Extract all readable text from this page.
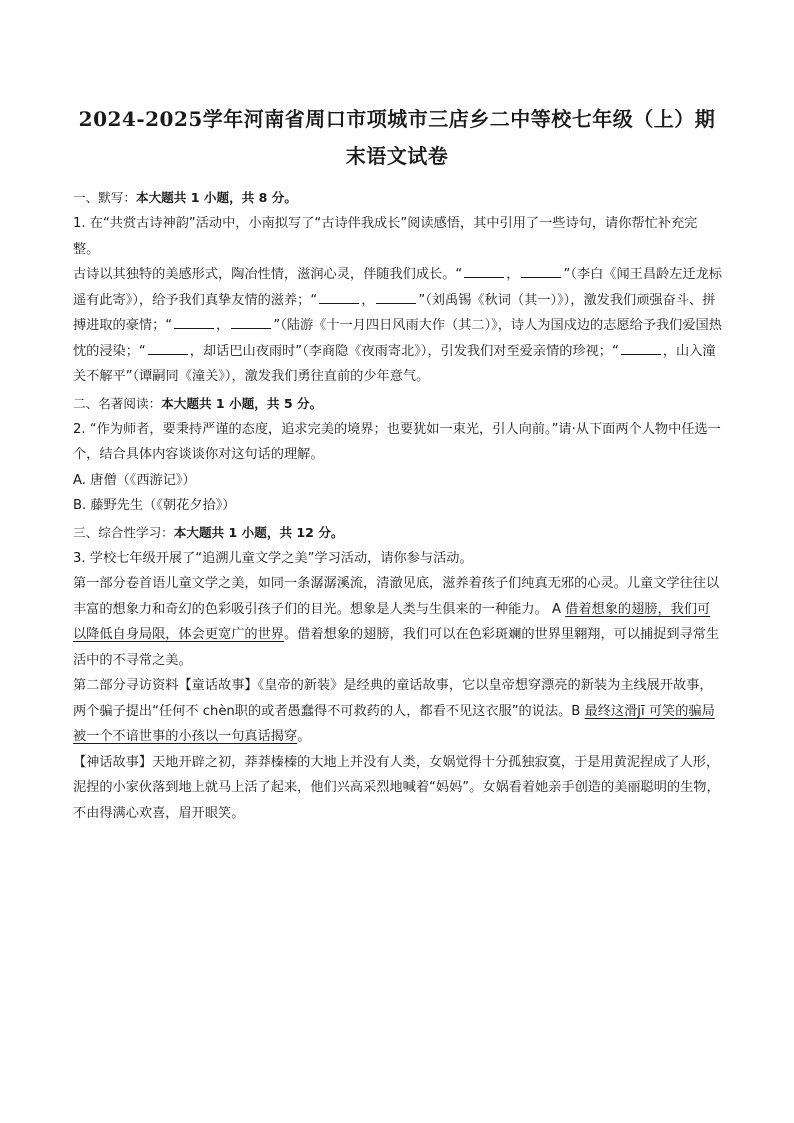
2024-2025学年河南省周口市项城市三店乡二中等校七年级（上）期
末语文试卷

一、默写：本大题共 1 小题，共 8 分。

1. 在“共赏古诗神韵”活动中，小南拟写了“古诗伴我成长”阅读感悟，其中引用了一些诗句，请你帮忙补充完整。

古诗以其独特的美感形式，陶冶性情，滋润心灵，伴随我们成长。“	，	”（李白《闻王昌龄左迁龙标遥有此寄》），给予我们真挚友情的滋养；“	，	”（刘禹锡《秋词（其一）》），激发我们顽强奋斗、拼搏进取的豪情；“	，	”（陆游《十一月四日风雨大作（其二）》，诗人为国戍边的志愿给予我们爱国热忱的浸染；“	，却话巴山夜雨时”（李商隐《夜雨寄北》），引发我们对至爱亲情的珍视；“	，山入潼关不解平”（谭嗣同《潼关》），激发我们勇往直前的少年意气。

二、名著阅读：本大题共 1 小题，共 5 分。

2. “作为师者，要秉持严谨的态度，追求完美的境界；也要犹如一束光，引人向前。”请·从下面两个人物中任选一个，结合具体内容谈谈你对这句话的理解。

A. 唐僧（《西游记》）

B. 藤野先生（《朝花夕拾》）

三、综合性学习：本大题共 1 小题，共 12 分。

3. 学校七年级开展了“追溯儿童文学之美”学习活动，请你参与活动。

第一部分卷首语儿童文学之美，如同一条潺潺溪流，清澈见底，滋养着孩子们纯真无邪的心灵。儿童文学往往以丰富的想象力和奇幻的色彩吸引孩子们的目光。想象是人类与生俱来的一种能力。 A 借着想象的翅膀，我们可以降低自身局限，体会更宽广的世界。借着想象的翅膀，我们可以在色彩斑斓的世界里翱翔，可以捕捉到寻常生活中的不寻常之美。

第二部分寻访资料【童话故事】《皇帝的新装》是经典的童话故事，它以皇帝想穿漂亮的新装为主线展开故事，两个骗子提出“任何不 chèn职的或者愚蠢得不可救药的人，都看不见这衣服”的说法。B 最终这滑jī 可笑的骗局被一个不谙世事的小孩以一句真话揭穿。

【神话故事】天地开辟之初，莽莽榛榛的大地上并没有人类，女娲觉得十分孤独寂寞，于是用黄泥捏成了人形，泥捏的小家伙落到地上就马上活了起来，他们兴高采烈地喊着“妈妈”。女娲看着她亲手创造的美丽聪明的生物，不由得满心欢喜，眉开眼笑。
